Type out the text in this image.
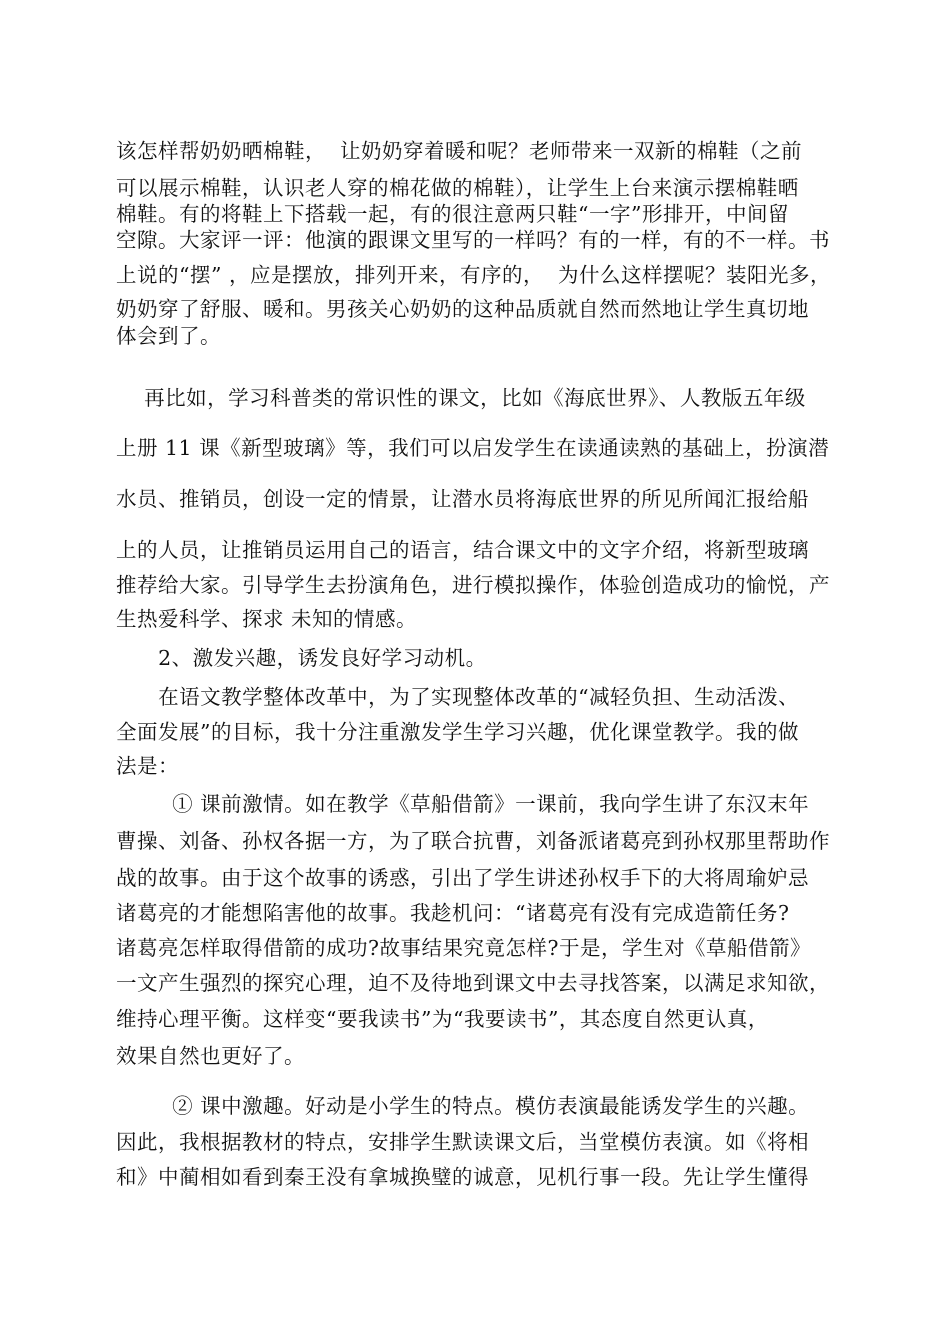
该怎样帮奶奶晒棉鞋，  让奶奶穿着暖和呢？老师带来一双新的棉鞋（之前
可以展示棉鞋，认识老人穿的棉花做的棉鞋），让学生上台来演示摆棉鞋晒
棉鞋。有的将鞋上下搭载一起，有的很注意两只鞋“一字”形排开，中间留
空隙。大家评一评：他演的跟课文里写的一样吗？有的一样，有的不一样。书
上说的“摆” ，应是摆放，排列开来，有序的，  为什么这样摆呢？装阳光多，
奶奶穿了舒服、暖和。男孩关心奶奶的这种品质就自然而然地让学生真切地
体会到了。
再比如，学习科普类的常识性的课文，比如《海底世界》、人教版五年级
上册 11 课《新型玻璃》等，我们可以启发学生在读通读熟的基础上，扮演潜
水员、推销员，创设一定的情景，让潜水员将海底世界的所见所闻汇报给船
上的人员，让推销员运用自己的语言，结合课文中的文字介绍，将新型玻璃
推荐给大家。引导学生去扮演角色，进行模拟操作，体验创造成功的愉悦，产
生热爱科学、探求 未知的情感。
2、激发兴趣，诱发良好学习动机。
在语文教学整体改革中，为了实现整体改革的“减轻负担、生动活泼、
全面发展”的目标，我十分注重激发学生学习兴趣，优化课堂教学。我的做
法是：
① 课前激情。如在教学《草船借箭》一课前，我向学生讲了东汉末年
曹操、刘备、孙权各据一方，为了联合抗曹，刘备派诸葛亮到孙权那里帮助作
战的故事。由于这个故事的诱惑，引出了学生讲述孙权手下的大将周瑜妒忌
诸葛亮的才能想陷害他的故事。我趁机问：“诸葛亮有没有完成造箭任务?
诸葛亮怎样取得借箭的成功?故事结果究竟怎样?于是，学生对《草船借箭》
一文产生强烈的探究心理，迫不及待地到课文中去寻找答案，以满足求知欲，
维持心理平衡。这样变“要我读书”为“我要读书”，其态度自然更认真，
效果自然也更好了。
② 课中激趣。好动是小学生的特点。模仿表演最能诱发学生的兴趣。
因此，我根据教材的特点，安排学生默读课文后，当堂模仿表演。如《将相
和》中蔺相如看到秦王没有拿城换璧的诚意，见机行事一段。先让学生懂得
